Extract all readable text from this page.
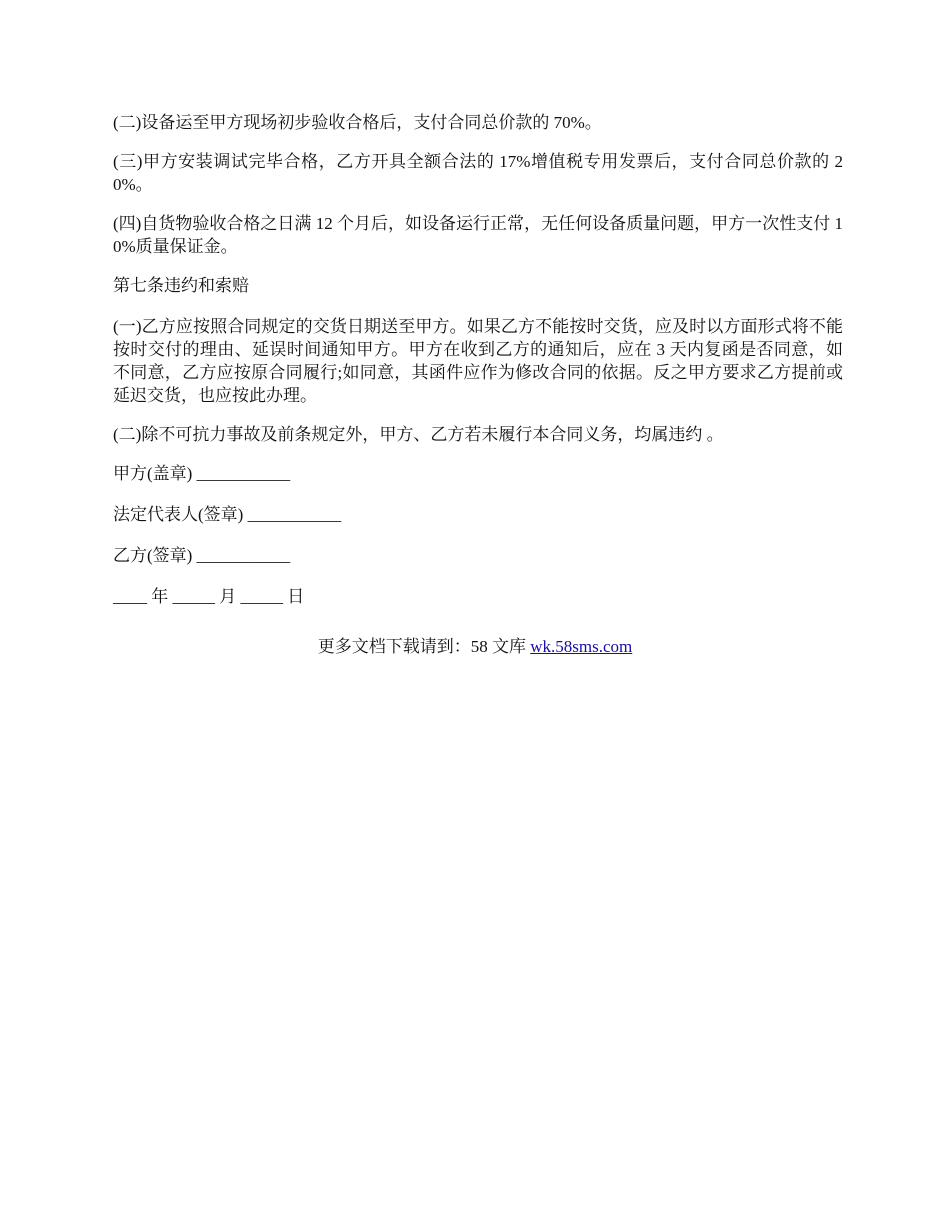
(二)设备运至甲方现场初步验收合格后，支付合同总价款的 70%。

(三)甲方安装调试完毕合格，乙方开具全额合法的 17%增值税专用发票后，支付合同总价款的 20%。

(四)自货物验收合格之日满 12 个月后，如设备运行正常，无任何设备质量问题，甲方一次性支付 10%质量保证金。

第七条违约和索赔

(一)乙方应按照合同规定的交货日期送至甲方。如果乙方不能按时交货，应及时以方面形式将不能按时交付的理由、延误时间通知甲方。甲方在收到乙方的通知后，应在 3 天内复函是否同意，如不同意，乙方应按原合同履行;如同意，其函件应作为修改合同的依据。反之甲方要求乙方提前或延迟交货，也应按此办理。

(二)除不可抗力事故及前条规定外，甲方、乙方若未履行本合同义务，均属违约 。

甲方(盖章) ___________
法定代表人(签章) ___________
乙方(签章) ___________
____ 年 _____ 月 _____ 日
更多文档下载请到：58 文库 wk.58sms.com
